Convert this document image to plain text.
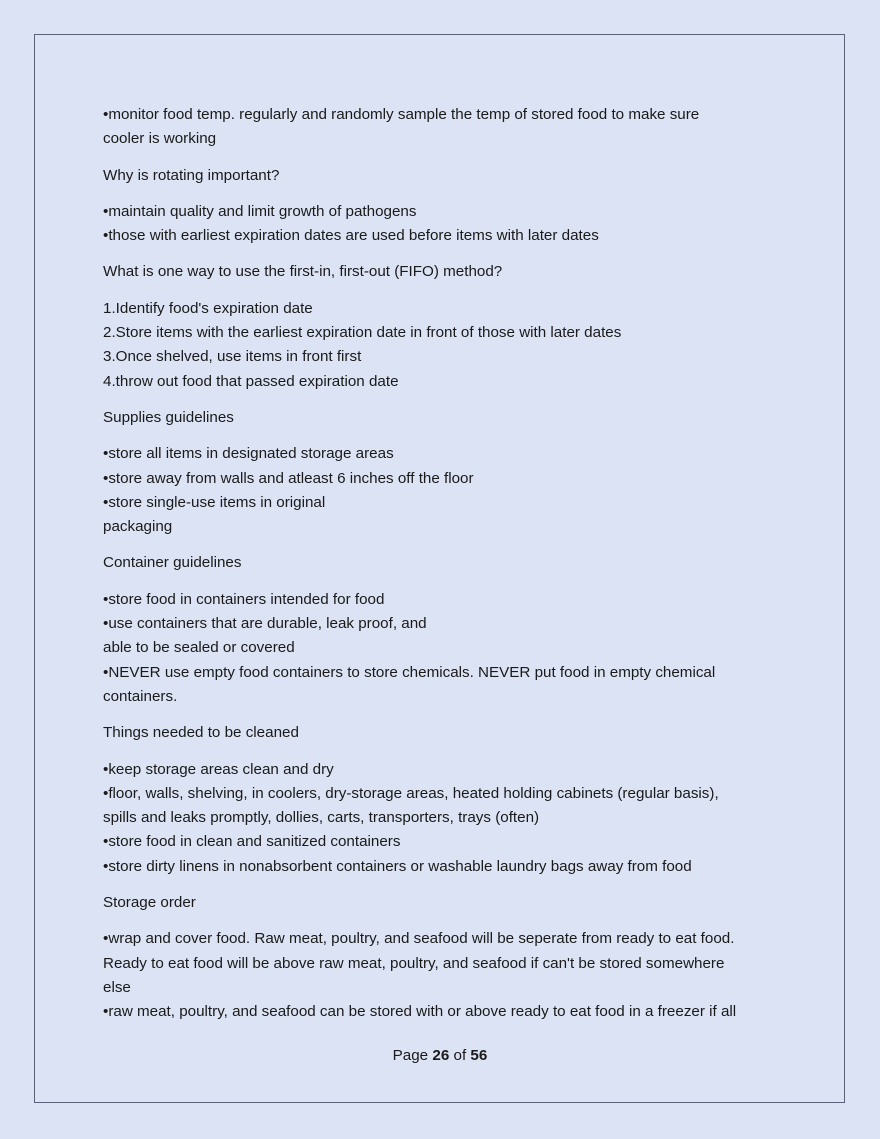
•monitor food temp. regularly and randomly sample the temp of stored food to make sure

cooler is working

Why is rotating important?

•maintain quality and limit growth of pathogens

•those with earliest expiration dates are used before items with later dates

What is one way to use the first-in, first-out (FIFO) method?

1.Identify food's expiration date

2.Store items with the earliest expiration date in front of those with later dates

3.Once shelved, use items in front first

4.throw out food that passed expiration date

Supplies guidelines

•store all items in designated storage areas

•store away from walls and atleast 6 inches off the floor

•store single-use items in original

packaging

Container guidelines

•store food in containers intended for food

•use containers that are durable, leak proof, and

able to be sealed or covered

•NEVER use empty food containers to store chemicals. NEVER put food in empty chemical

containers.

Things needed to be cleaned

•keep storage areas clean and dry

•floor, walls, shelving, in coolers, dry-storage areas, heated holding cabinets (regular basis),

spills and leaks promptly, dollies, carts, transporters, trays (often)

•store food in clean and sanitized containers

•store dirty linens in nonabsorbent containers or washable laundry bags away from food

Storage order

•wrap and cover food. Raw meat, poultry, and seafood will be seperate from ready to eat food.

Ready to eat food will be above raw meat, poultry, and seafood if can't be stored somewhere

else

•raw meat, poultry, and seafood can be stored with or above ready to eat food in a freezer if all

Page 26 of 56
